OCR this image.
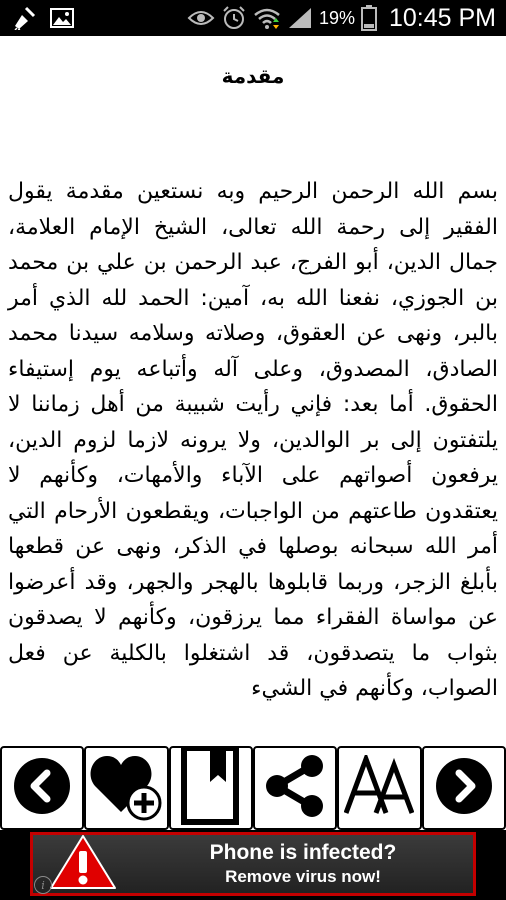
19% 10:45 PM
مقدمة

بسم الله الرحمن الرحيم وبه نستعين مقدمة يقول الفقير إلى رحمة الله تعالى، الشيخ الإمام العلامة، جمال الدين، أبو الفرج، عبد الرحمن بن علي بن محمد بن الجوزي، نفعنا الله به، آمين: الحمد لله الذي أمر بالبر، ونهى عن العقوق، وصلاته وسلامه سيدنا محمد الصادق، المصدوق، وعلى آله وأتباعه يوم إستيفاء الحقوق. أما بعد: فإني رأيت شبيبة من أهل زماننا لا يلتفتون إلى بر الوالدين، ولا يرونه لازما لزوم الدين، يرفعون أصواتهم على الآباء والأمهات، وكأنهم لا يعتقدون طاعتهم من الواجبات، ويقطعون الأرحام التي أمر الله سبحانه بوصلها في الذكر، ونهى عن قطعها بأبلغ الزجر، وربما قابلوها بالهجر والجهر، وقد أعرضوا عن مواساة الفقراء مما يرزقون، وكأنهم لا يصدقون بثواب ما يتصدقون، قد اشتغلوا بالكلية عن فعل الصواب، وكأنهم في الشيء

Phone is infected?
Remove virus now!
i
